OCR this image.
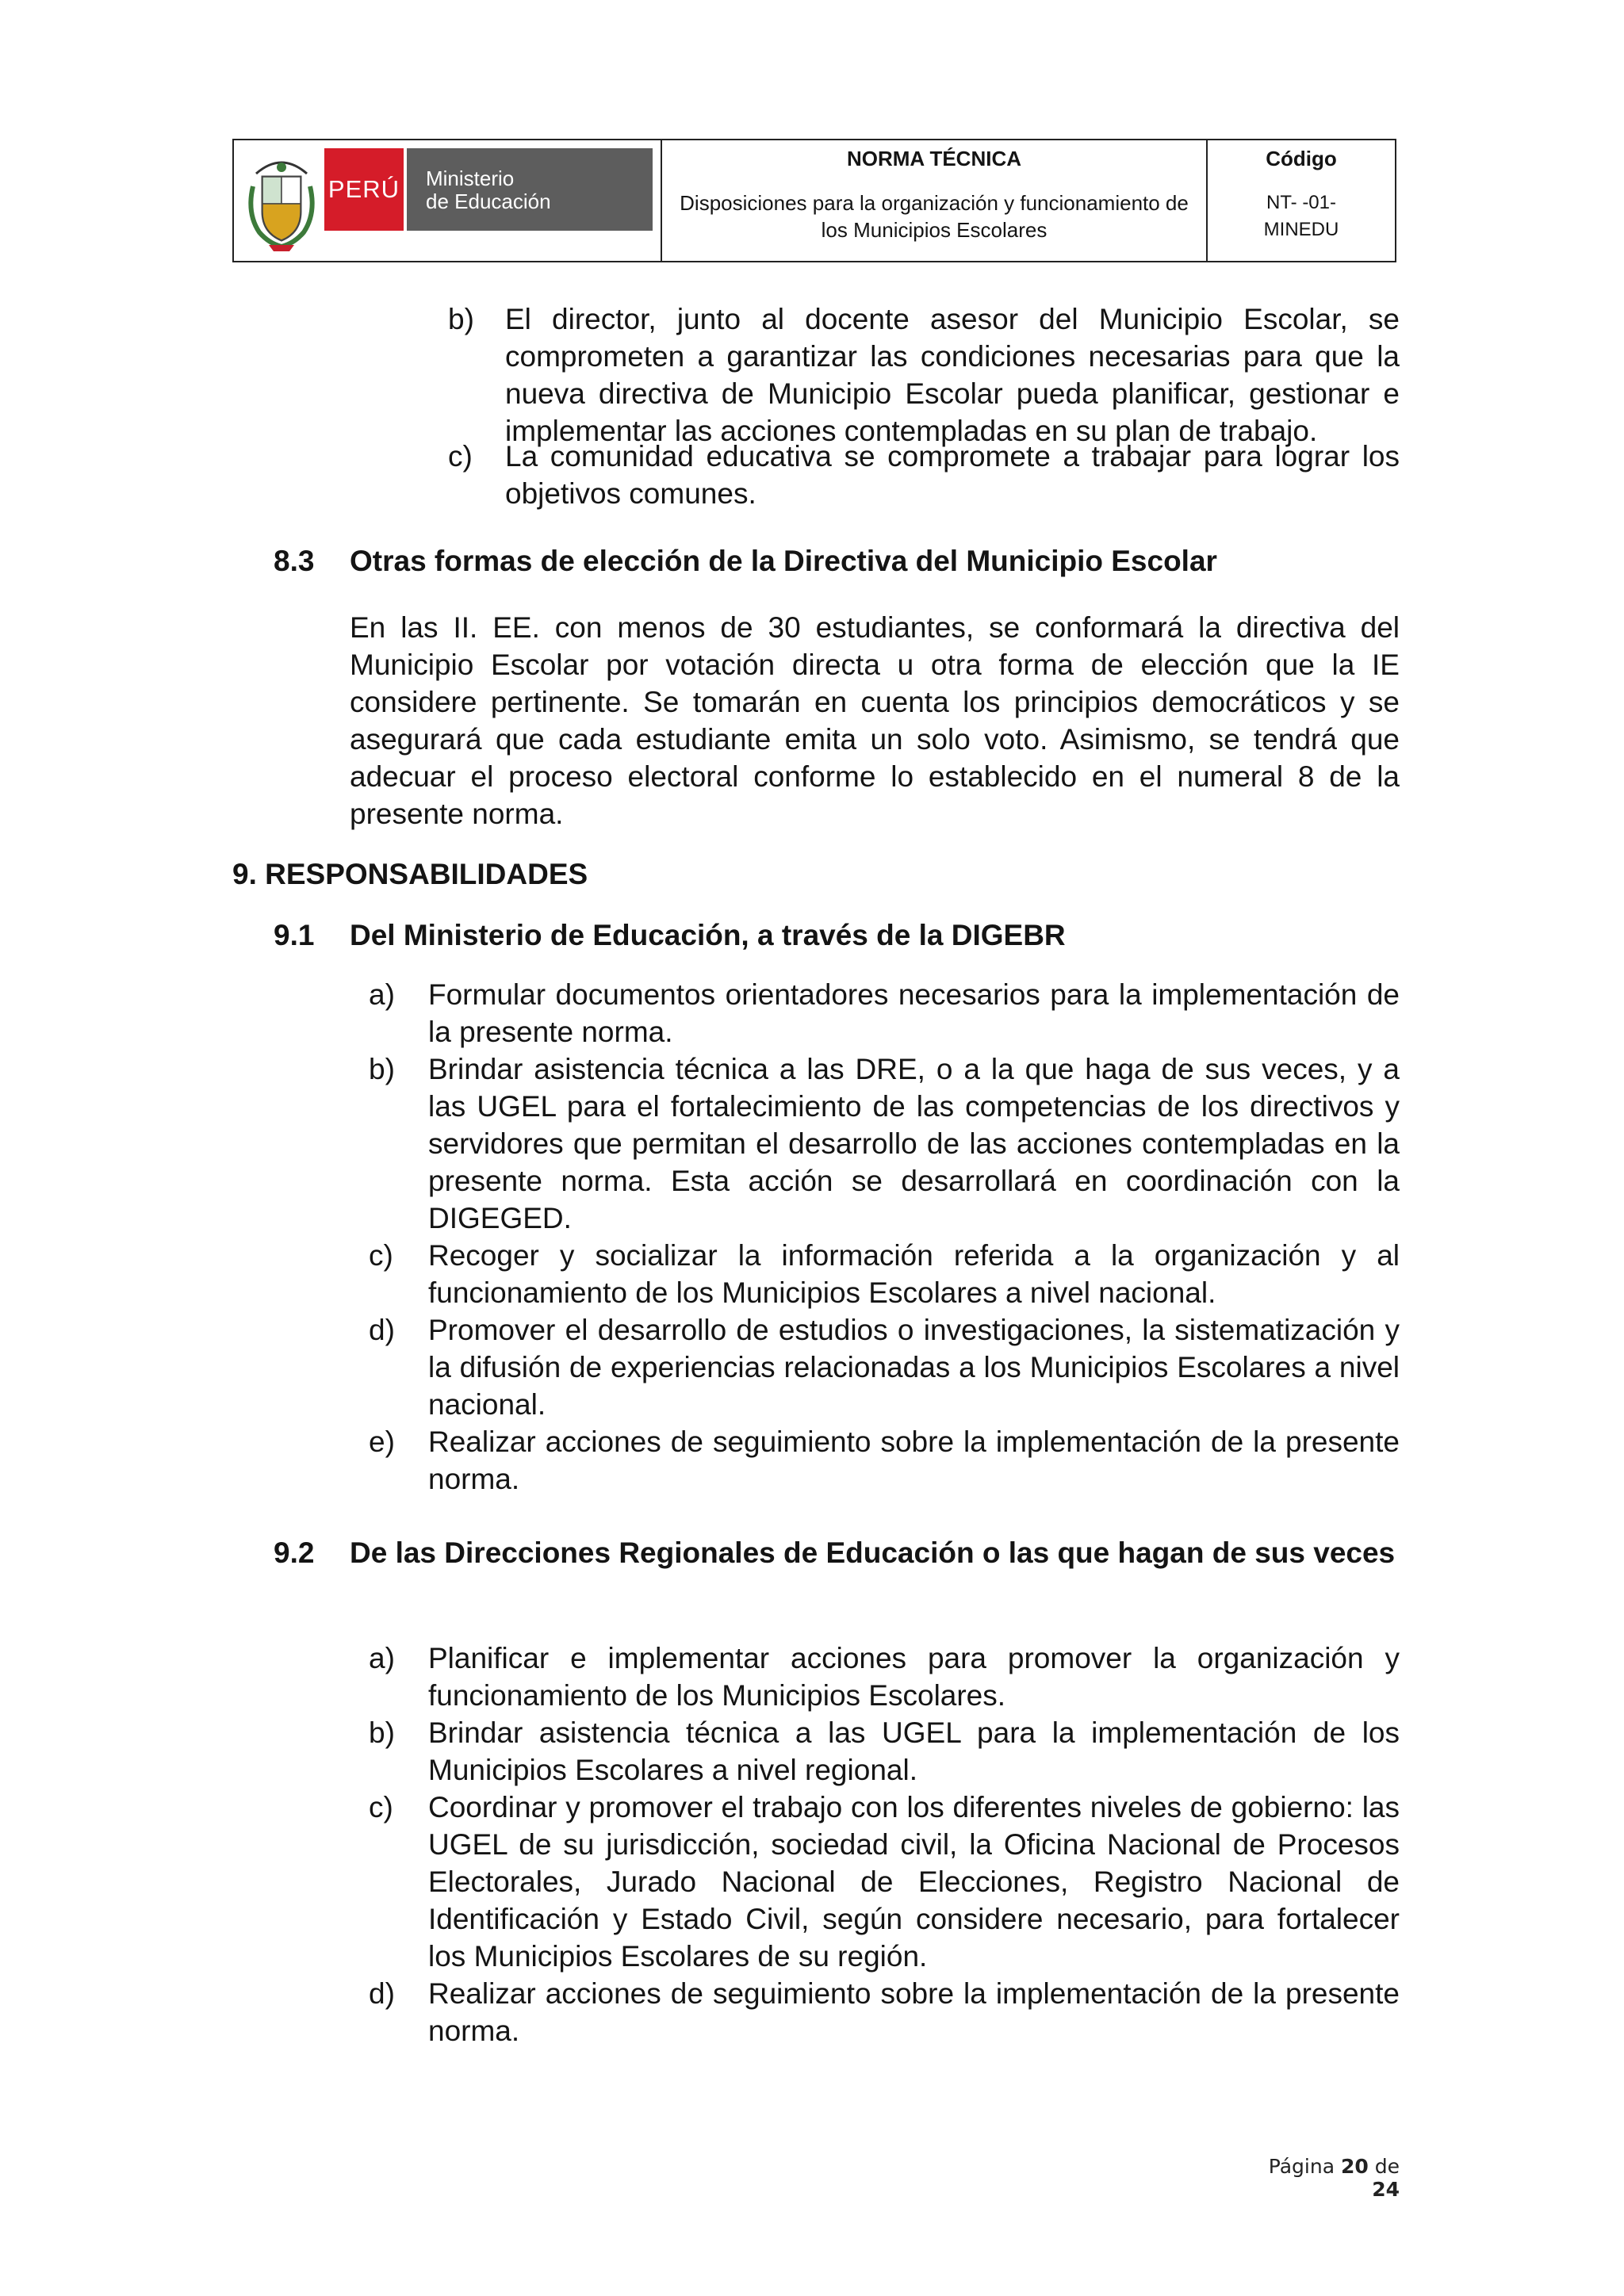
PERÚ Ministerio
de Educación
NORMA TÉCNICA
Disposiciones para la organización y funcionamiento de los Municipios Escolares
Código
NT- -01- MINEDU
b) El director, junto al docente asesor del Municipio Escolar, se comprometen a garantizar las condiciones necesarias para que la nueva directiva de Municipio Escolar pueda planificar, gestionar e implementar las acciones contempladas en su plan de trabajo.
c) La comunidad educativa se compromete a trabajar para lograr los objetivos comunes.
8.3 Otras formas de elección de la Directiva del Municipio Escolar
En las II. EE. con menos de 30 estudiantes, se conformará la directiva del Municipio Escolar por votación directa u otra forma de elección que la IE considere pertinente. Se tomarán en cuenta los principios democráticos y se asegurará que cada estudiante emita un solo voto. Asimismo, se tendrá que adecuar el proceso electoral conforme lo establecido en el numeral 8 de la presente norma.
9. RESPONSABILIDADES
9.1 Del Ministerio de Educación, a través de la DIGEBR
a) Formular documentos orientadores necesarios para la implementación de la presente norma.
b) Brindar asistencia técnica a las DRE, o a la que haga de sus veces, y a las UGEL para el fortalecimiento de las competencias de los directivos y servidores que permitan el desarrollo de las acciones contempladas en la presente norma. Esta acción se desarrollará en coordinación con la DIGEGED.
c) Recoger y socializar la información referida a la organización y al funcionamiento de los Municipios Escolares a nivel nacional.
d) Promover el desarrollo de estudios o investigaciones, la sistematización y la difusión de experiencias relacionadas a los Municipios Escolares a nivel nacional.
e) Realizar acciones de seguimiento sobre la implementación de la presente norma.
9.2 De las Direcciones Regionales de Educación o las que hagan de sus veces
a) Planificar e implementar acciones para promover la organización y funcionamiento de los Municipios Escolares.
b) Brindar asistencia técnica a las UGEL para la implementación de los Municipios Escolares a nivel regional.
c) Coordinar y promover el trabajo con los diferentes niveles de gobierno: las UGEL de su jurisdicción, sociedad civil, la Oficina Nacional de Procesos Electorales, Jurado Nacional de Elecciones, Registro Nacional de Identificación y Estado Civil, según considere necesario, para fortalecer los Municipios Escolares de su región.
d) Realizar acciones de seguimiento sobre la implementación de la presente norma.
Página 20 de 24
